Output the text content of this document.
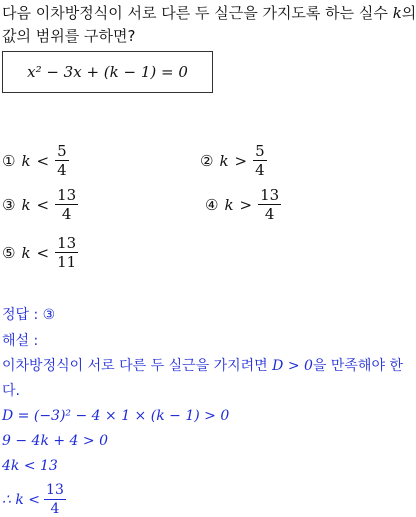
다음 이차방정식이 서로 다른 두 실근을 가지도록 하는 실수 k의
값의 범위를 구하면?
x² − 3x + (k − 1) = 0
① $k < \frac{5}{4}$	② $k > \frac{5}{4}$
③ $k < \frac{13}{4}$	④ $k > \frac{13}{4}$
⑤ $k < \frac{13}{11}$
정답 : ③
해설 :
이차방정식이 서로 다른 두 실근을 가지려면 D > 0을 만족해야 한
다.
D = (−3)² − 4 × 1 × (k − 1) > 0
9 − 4k + 4 > 0
4k < 13
∴ $k < \frac{13}{4}$
